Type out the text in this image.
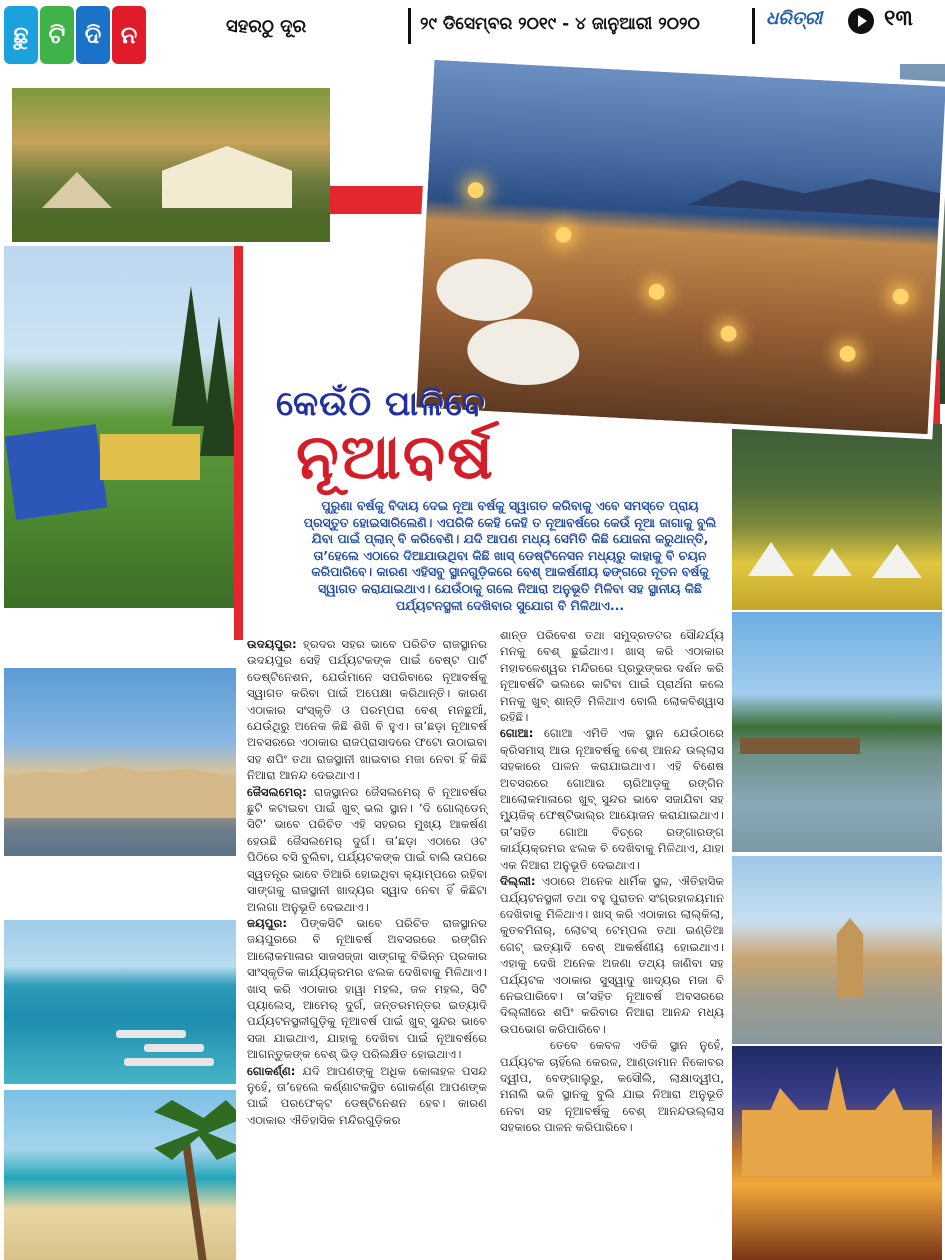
ଛୁ ଟି ଦି ନ	ସହରଠୁ ଦୂର	୨୯ ଡିସେମ୍ବର ୨୦୧୯ - ୪ ଜାନୁଆରୀ ୨୦୨୦	ଧରିତ୍ରୀ	୧୩
କେଉଁଠି ପାଳିବେ
ନୂଆବର୍ଷ
ପୁରୁଣା ବର୍ଷକୁ ବିଦାୟ ଦେଇ ନୂଆ ବର୍ଷକୁ ସ୍ୱାଗତ କରିବାକୁ ଏବେ ସମସ୍ତେ ପ୍ରାୟ ପ୍ରସ୍ତୁତ ହୋଇସାରିଲେଣି। ଏପରିକି କେହି କେହି ତ ନୂଆବର୍ଷରେ କେଉଁ ନୂଆ ଜାଗାକୁ ବୁଲି ଯିବା ପାଇଁ ପ୍ଲାନ୍ ବି କରିବେଣି। ଯଦି ଆପଣ ମଧ୍ୟ ସେମିତି କିଛି ଯୋଜନା କରୁଥାନ୍ତି, ତା’ହେଲେ ଏଠାରେ ଦିଆଯାଉଥିବା କିଛି ଖାସ୍ ଡେଷ୍ଟିନେସନ ମଧ୍ୟରୁ କାହାକୁ ବି ଚୟନ କରିପାରିବେ। କାରଣ ଏହିସବୁ ସ୍ଥାନଗୁଡ଼ିକରେ ବେଶ୍ ଆକର୍ଷଣୀୟ ଢଙ୍ଗରେ ନୂତନ ବର୍ଷକୁ ସ୍ୱାଗତ କରାଯାଇଥାଏ। ଯେଉଁଠାକୁ ଗଲେ ନିଆରା ଅନୁଭୂତି ମିଳିବା ସହ ସ୍ଥାନୀୟ କିଛି ପର୍ଯ୍ୟଟନସ୍ଥଳୀ ଦେଖିବାର ସୁଯୋଗ ବି ମିଳିଥାଏ...

ଉଦୟପୁର: ହ୍ରଦର ସହର ଭାବେ ପରିଚିତ ରାଜସ୍ଥାନର ଉଦୟପୁର ସେହି ପର୍ଯ୍ୟଟକଙ୍କ ପାଇଁ ବେଷ୍ଟ ପାର୍ଟି ଡେଷ୍ଟିନେଶନ, ଯେଉଁମାନେ ସପରିବାରେ ନୂଆବର୍ଷକୁ ସ୍ୱାଗତ କରିବା ପାଇଁ ଅପେକ୍ଷା କରିଥାନ୍ତି। କାରଣ ଏଠାକାର ସଂସ୍କୃତି ଓ ପରମ୍ପରା ବେଶ୍ ମନଛୁଆଁ, ଯେଉଁଥିରୁ ଅନେକ କିଛି ଶିଖି ବି ହୁଏ। ତା’ଛଡ଼ା ନୂଆବର୍ଷ ଅବସରରେ ଏଠାକାର ରାଜପ୍ରାସାଦରେ ଫଟୋ ଉଠାଇବା ସହ ଶପିଂ ତଥା ରାଜସ୍ଥାନୀ ଖାଇବାର ମଜା ନେବା ହିଁ କିଛି ନିଆରା ଆନନ୍ଦ ଦେଇଥାଏ।

ଜୈସଲମେର୍: ରାଜସ୍ଥାନର ଜୈସଲମେର୍ ବି ନୂଆବର୍ଷର ଛୁଟି କଟାଇବା ପାଇଁ ଖୁବ୍ ଭଲ ସ୍ଥାନ। ‘ଦି ଗୋଲ୍ଡେନ୍ ସିଟି’ ଭାବେ ପରିଚିତ ଏହି ସହରର ମୁଖ୍ୟ ଆକର୍ଷଣ ହେଉଛି ଜୈସଲମେର୍ ଦୁର୍ଗ। ତା’ଛଡ଼ା ଏଠାରେ ଓଟ ପିଠିରେ ବସି ବୁଲିବା, ପର୍ଯ୍ୟଟକଙ୍କ ପାଇଁ ବାଲି ଉପରେ ସ୍ୱତନ୍ତ୍ର ଭାବେ ତିଆରି ହୋଇଥିବା କ୍ୟାମ୍ପରେ ରହିବା ସାଙ୍ଗକୁ ରାଜସ୍ଥାନୀ ଖାଦ୍ୟର ସ୍ୱାଦ ନେବା ହିଁ କିଛିଟା ଅଲଗା ଅନୁଭୂତି ଦେଇଥାଏ।

ଜୟପୁର: ପିଙ୍କସିଟି ଭାବେ ପରିଚିତ ରାଜସ୍ଥାନର ଜୟପୁରରେ ବି ନୂଆବର୍ଷ ଅବସରରେ ରଙ୍ଗିନ ଆଲୋକମାଳାର ସାଜସଜ୍ଜା ସାଙ୍ଗକୁ ବିଭିନ୍ନ ପ୍ରକାର ସାଂସ୍କୃତିକ କାର୍ଯ୍ୟକ୍ରମର ଝଲକ ଦେଖିବାକୁ ମିଳିଥାଏ। ଖାସ୍ କରି ଏଠାକାର ହାୱା ମହଲ, ଜଳ ମହଲ, ସିଟି ପ୍ୟାଲେସ୍, ଆମେର୍ ଦୁର୍ଗ, ଜନ୍ତରମନ୍ତର ଇତ୍ୟାଦି ପର୍ଯ୍ୟଟନସ୍ଥଳୀଗୁଡ଼ିକୁ ନୂଆବର୍ଷ ପାଇଁ ଖୁବ୍ ସୁନ୍ଦର ଭାବେ ସଜା ଯାଇଥାଏ, ଯାହାକୁ ଦେଖିବା ପାଇଁ ନୂଆବର୍ଷରେ ଆଗନ୍ତୁକଙ୍କ ବେଶ୍ ଭିଡ଼ ପରିଲକ୍ଷିତ ହୋଇଥାଏ।

ଗୋକର୍ଣ୍ଣ: ଯଦି ଆପଣଙ୍କୁ ଅଧିକ କୋଳାହଳ ପସନ୍ଦ ନୁହେଁ, ତା’ହେଲେ କର୍ଣ୍ଣାଟକସ୍ଥିତ ଗୋକର୍ଣ୍ଣ ଆପଣଙ୍କ ପାଇଁ ପରଫେକ୍ଟ ଡେଷ୍ଟିନେଶନ ହେବ। କାରଣ ଏଠାକାର ଐତିହାସିକ ମନ୍ଦିରଗୁଡ଼ିକର

ଶାନ୍ତ ପରିବେଶ ତଥା ସମୁଦ୍ରତଟର ସୌନ୍ଦର୍ଯ୍ୟ ମନକୁ ବେଶ୍ ଛୁଇଁଥାଏ। ଖାସ୍ କରି ଏଠାକାର ମହାବଳେଶ୍ୱର ମନ୍ଦିରରେ ପ୍ରଭୁଙ୍କର ଦର୍ଶନ କରି ନୂଆବର୍ଷଟି ଭଲରେ କାଟିବା ପାଇଁ ପ୍ରାର୍ଥନା କଲେ ମନକୁ ଖୁବ୍ ଶାନ୍ତି ମିଳିଥାଏ ବୋଲି ଲୋକବିଶ୍ୱାସ ରହିଛି।

ଗୋଆ: ଗୋଆ ଏମିତି ଏକ ସ୍ଥାନ ଯେଉଁଠାରେ କ୍ରିସମାସ୍ ଆଉ ନୂଆବର୍ଷକୁ ବେଶ୍ ଆନନ୍ଦ ଉଲ୍ଲାସ ସହକାରେ ପାଳନ କରାଯାଇଥାଏ। ଏହି ବିଶେଷ ଅବସରରେ ଗୋଆର ଚାରିଆଡ଼କୁ ରଙ୍ଗିନ ଆଲୋକମାଳାରେ ଖୁବ୍ ସୁନ୍ଦର ଭାବେ ସଜାଯିବା ସହ ମ୍ୟୁଜିକ୍ ଫେଷ୍ଟିଭାଲ୍ର ଆୟୋଜନ କରାଯାଇଥାଏ। ତା’ସହିତ ଗୋଆ ବିଚ୍ରେ ରଙ୍ଗାରଙ୍ଗ କାର୍ଯ୍ୟକ୍ରମର ଝଲକ ବି ଦେଖିବାକୁ ମିଳିଥାଏ, ଯାହା ଏକ ନିଆରା ଅନୁଭୂତି ଦେଇଥାଏ।

ଦିଲ୍ଲୀ: ଏଠାରେ ଅନେକ ଧାର୍ମିକ ସ୍ଥଳ, ଐତିହାସିକ ପର୍ଯ୍ୟଟନସ୍ଥଳୀ ତଥା ବହୁ ପୁରାତନ ସଂଗ୍ରହାଳୟମାନ ଦେଖିବାକୁ ମିଳିଥାଏ। ଖାସ୍ କରି ଏଠାକାର ଲାଲ୍କିଲା, କୁତବମିନାର୍, ଲୋଟସ୍ ଟେମ୍ପଲ ତଥା ଇଣ୍ଡିଆ ଗେଟ୍ ଇତ୍ୟାଦି ବେଶ୍ ଆକର୍ଷଣୀୟ ହୋଇଥାଏ। ଏହାକୁ ଦେଖି ଅନେକ ଅଜଣା ତଥ୍ୟ ଜାଣିବା ସହ ପର୍ଯ୍ୟଟକ ଏଠାକାର ସୁସ୍ୱାଦୁ ଖାଦ୍ୟର ମଜା ବି ନେଇପାରିବେ। ତା’ସହିତ ନୂଆବର୍ଷ ଅବସରରେ ଦିଲ୍ଲୀରେ ଶପିଂ କରିବାର ନିଆରା ଆନନ୍ଦ ମଧ୍ୟ ଉପଭୋଗ କରିପାରିବେ।

ତେବେ କେବଳ ଏତିକି ସ୍ଥାନ ନୁହେଁ, ପର୍ଯ୍ୟଟକ ଚାହିଁଲେ କେରଳ, ଆଣ୍ଡାମାନ ନିକୋବର ଦ୍ୱୀପ, ବେଙ୍ଗାଲୁରୁ, କସୌଲି, ଲାକ୍ଷାଦ୍ୱୀପ, ମନାଲି ଭଳି ସ୍ଥାନକୁ ବୁଲି ଯାଇ ନିଆରା ଅନୁଭୂତି ନେବା ସହ ନୂଆବର୍ଷକୁ ବେଶ୍ ଆନନ୍ଦଉଲ୍ଲାସ ସହକାରେ ପାଳନ କରିପାରିବେ।
